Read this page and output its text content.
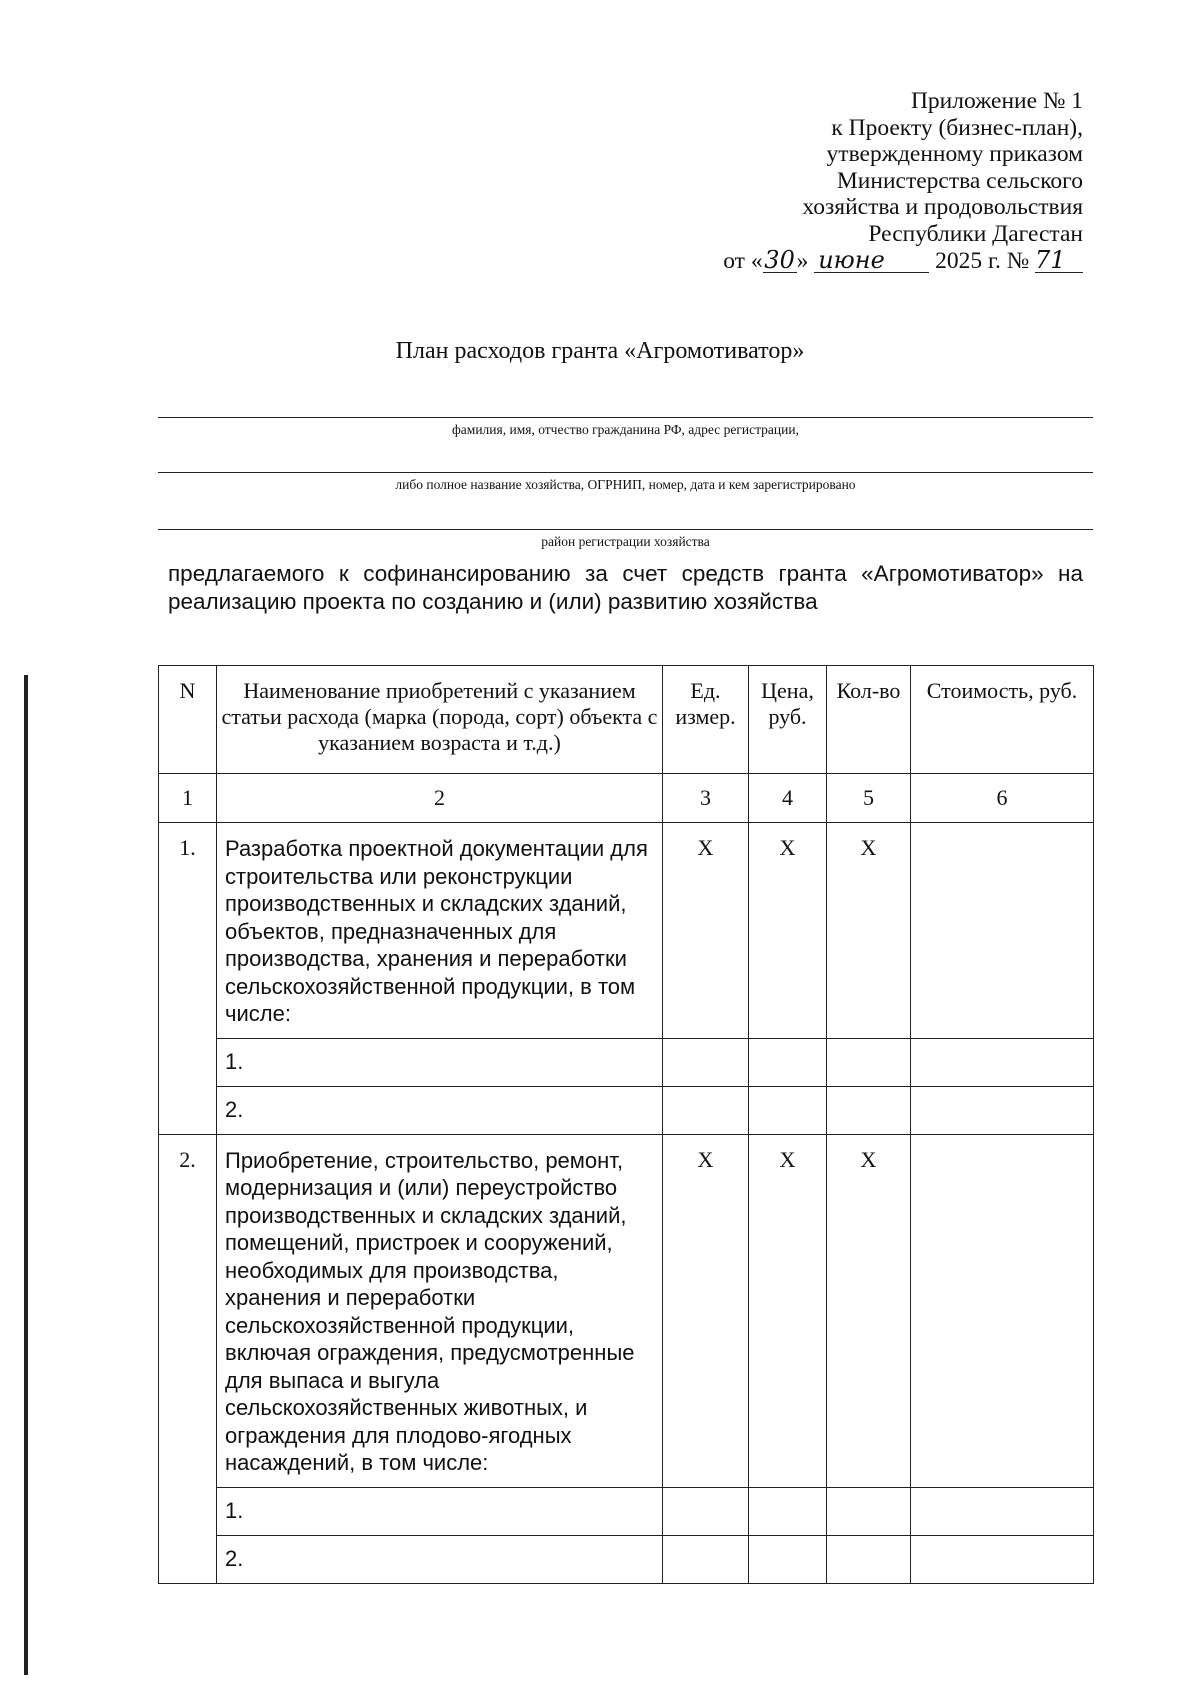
Приложение № 1
к Проекту (бизнес-план),
утвержденному приказом
Министерства сельского
хозяйства и продовольствия
Республики Дагестан
от «30» июне 2025 г. № 71
План расходов гранта «Агромотиватор»
фамилия, имя, отчество гражданина РФ, адрес регистрации,
либо полное название хозяйства, ОГРНИП, номер, дата и кем зарегистрировано
район регистрации хозяйства
предлагаемого к софинансированию за счет средств гранта «Агромотиватор» на реализацию проекта по созданию и (или) развитию хозяйства
N	Наименование приобретений с указанием статьи расхода (марка (порода, сорт) объекта с указанием возраста и т.д.)	Ед. измер.	Цена, руб.	Кол-во	Стоимость, руб.
1	2	3	4	5	6
1.	Разработка проектной документации для строительства или реконструкции производственных и складских зданий, объектов, предназначенных для производства, хранения и переработки сельскохозяйственной продукции, в том числе:	X	X	X	
	1.				
	2.				
2.	Приобретение, строительство, ремонт, модернизация и (или) переустройство производственных и складских зданий, помещений, пристроек и сооружений, необходимых для производства, хранения и переработки сельскохозяйственной продукции, включая ограждения, предусмотренные для выпаса и выгула сельскохозяйственных животных, и ограждения для плодово-ягодных насаждений, в том числе:	X	X	X	
	1.				
	2.				
